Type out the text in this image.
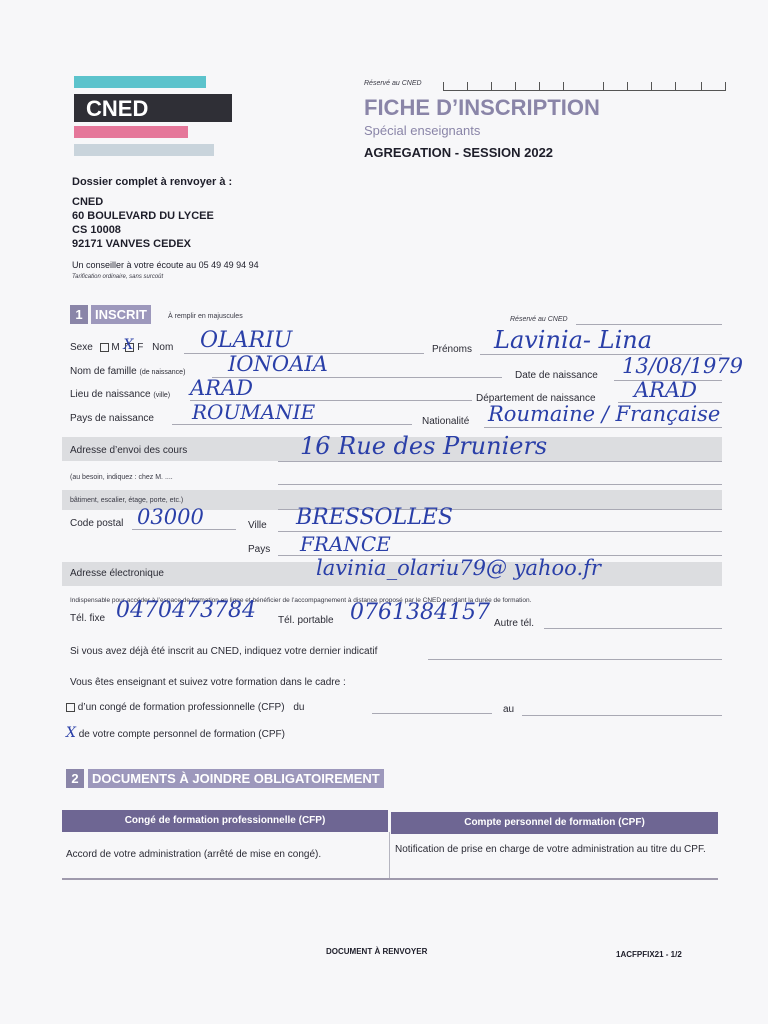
CNED
Réservé au CNED
FICHE D’INSCRIPTION
Spécial enseignants
AGREGATION - SESSION 2022
Dossier complet à renvoyer à :
CNED
60 BOULEVARD DU LYCEE
CS 10008
92171 VANVES CEDEX
Un conseiller à votre écoute au 05 49 49 94 94
Tarification ordinaire, sans surcoût
1 INSCRIT	À remplir en majuscules	Réservé au CNED
Sexe M X F Nom OLARIU	Prénoms Lavinia- Lina
Nom de famille (de naissance) IONOAIA	Date de naissance 13/08/1979
Lieu de naissance (ville) ARAD	Département de naissance ARAD
Pays de naissance ROUMANIE	Nationalité Roumaine / Française
Adresse d’envoi des cours	16 Rue des Pruniers
(au besoin, indiquez : chez M. ....
bâtiment, escalier, étage, porte, etc.)
Code postal 03000	Ville BRESSOLLES
Pays FRANCE
Adresse électronique	lavinia_olariu79@ yahoo.fr
Indispensable pour accéder à l’espace de formation en ligne et bénéficier de l’accompagnement à distance proposé par le CNED pendant la durée de formation.
Tél. fixe 0470473784 Tél. portable 0761384157 Autre tél.
Si vous avez déjà été inscrit au CNED, indiquez votre dernier indicatif
Vous êtes enseignant et suivez votre formation dans le cadre :
d’un congé de formation professionnelle (CFP) du	au
X de votre compte personnel de formation (CPF)
2	DOCUMENTS À JOINDRE OBLIGATOIREMENT
Congé de formation professionnelle (CFP)	Compte personnel de formation (CPF)
Accord de votre administration (arrêté de mise en congé).	Notification de prise en charge de votre administration au titre du CPF.
DOCUMENT À RENVOYER	1ACFPFIX21 - 1/2
